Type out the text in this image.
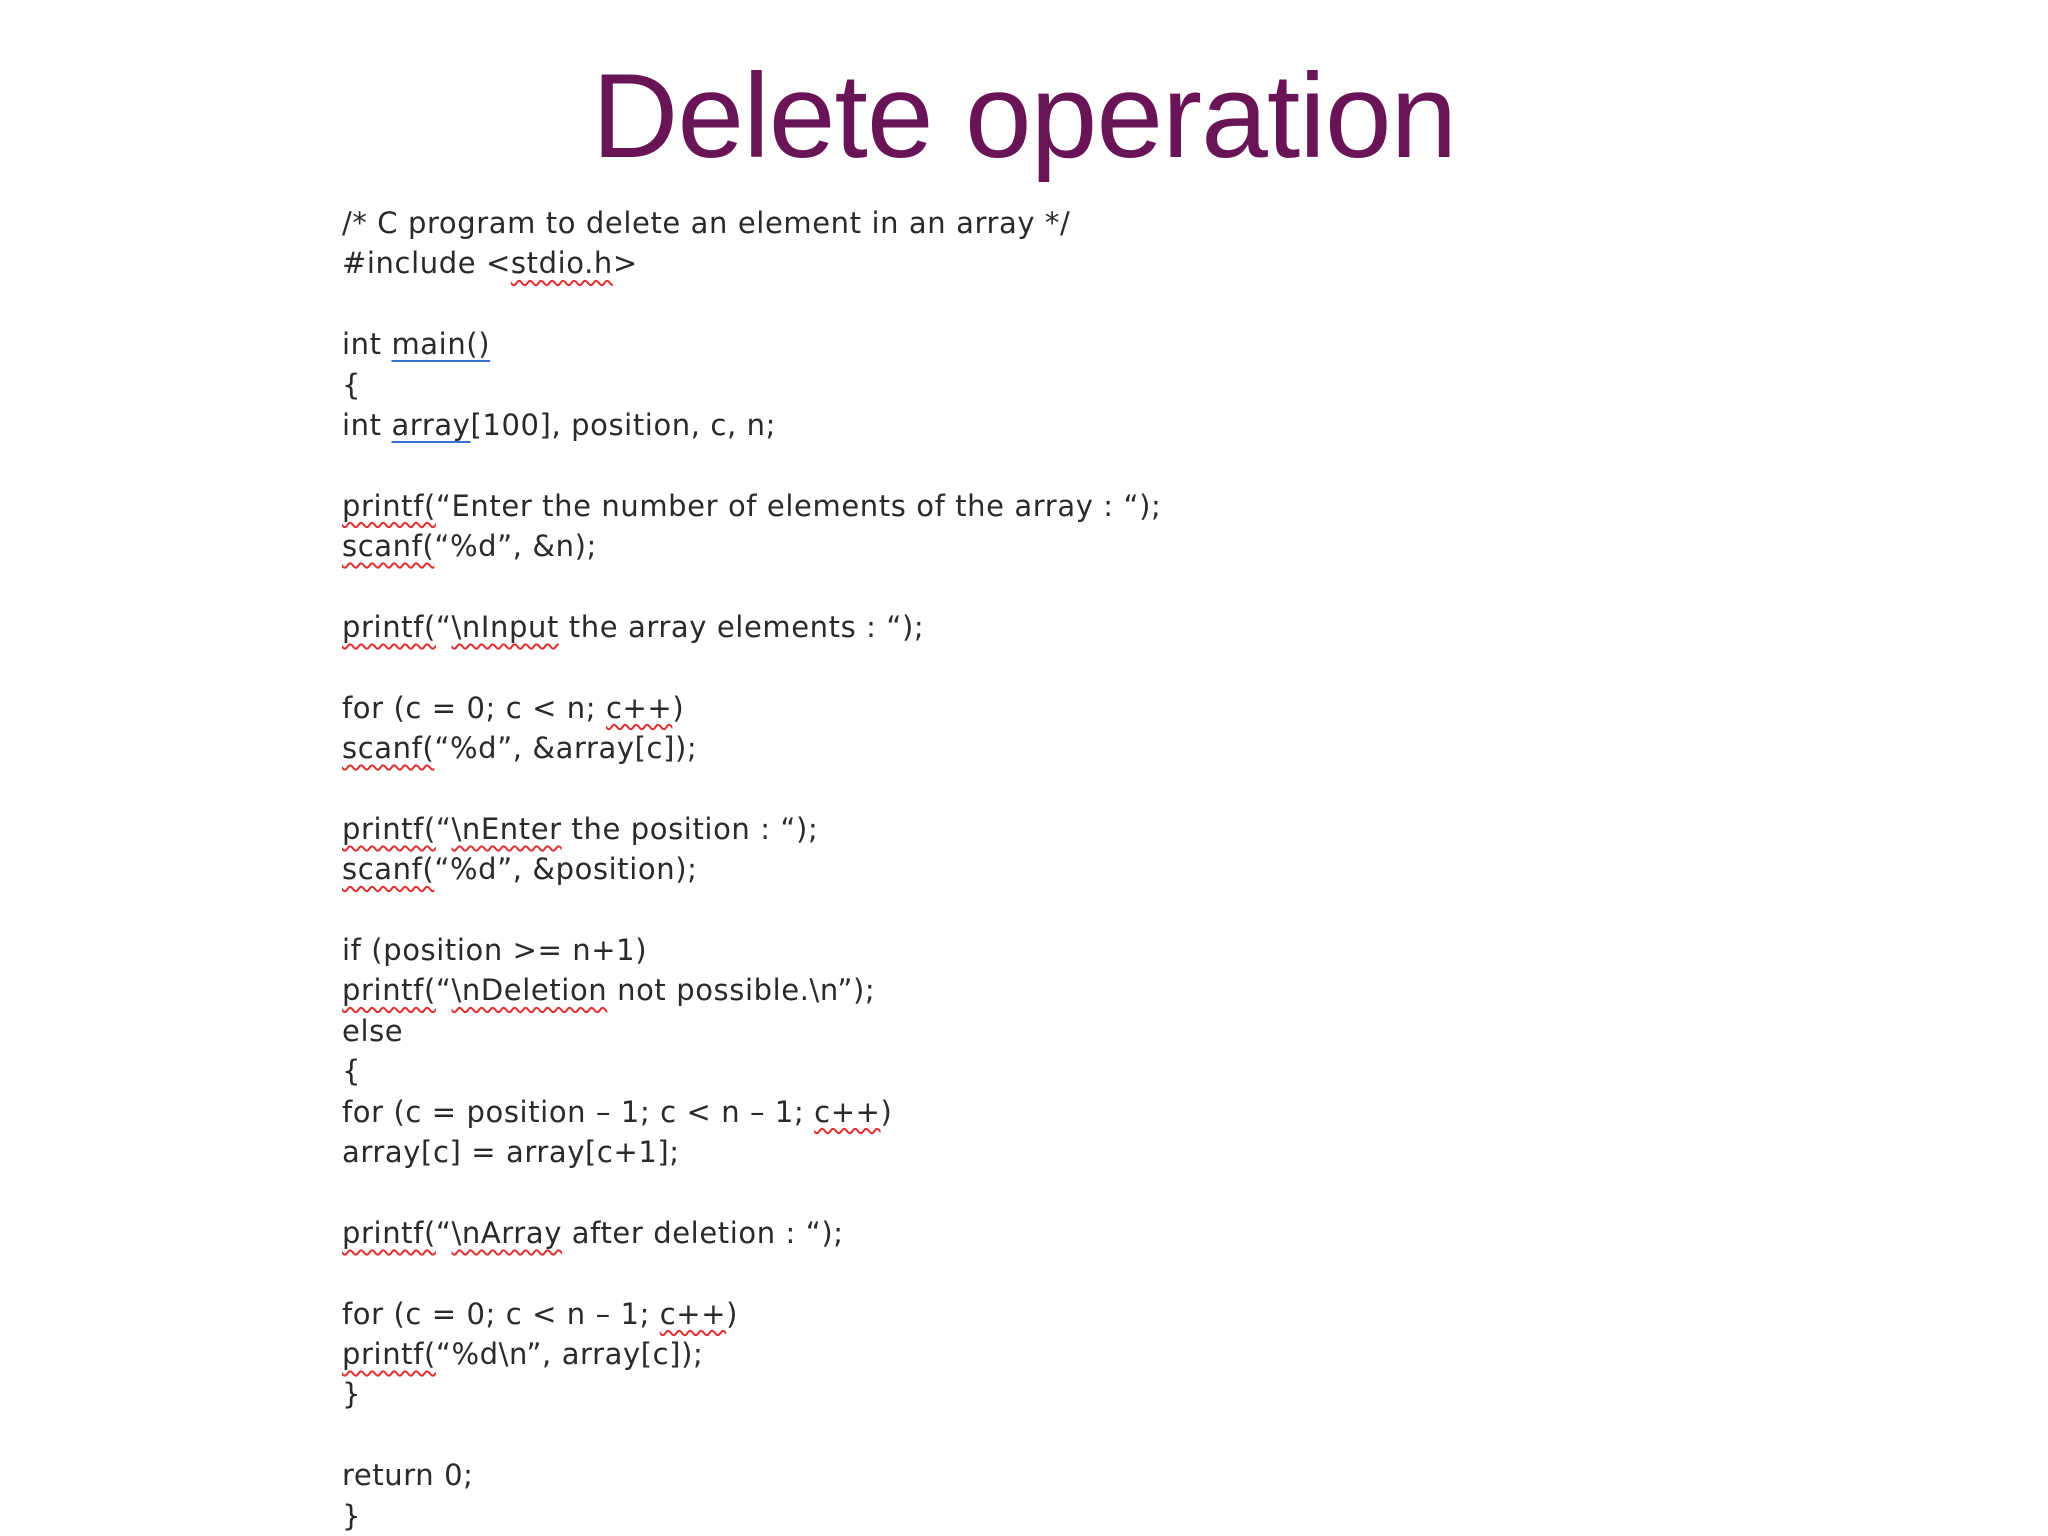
Delete operation
/* C program to delete an element in an array */
#include <stdio.h>
int main()
{
int array[100], position, c, n;
printf(“Enter the number of elements of the array : “);
scanf(“%d”, &n);
printf(“\nInput the array elements : “);
for (c = 0; c < n; c++)
scanf(“%d”, &array[c]);
printf(“\nEnter the position : “);
scanf(“%d”, &position);
if (position >= n+1)
printf(“\nDeletion not possible.\n”);
else
{
for (c = position – 1; c < n – 1; c++)
array[c] = array[c+1];
printf(“\nArray after deletion : “);
for (c = 0; c < n – 1; c++)
printf(“%d\n”, array[c]);
}
return 0;
}
